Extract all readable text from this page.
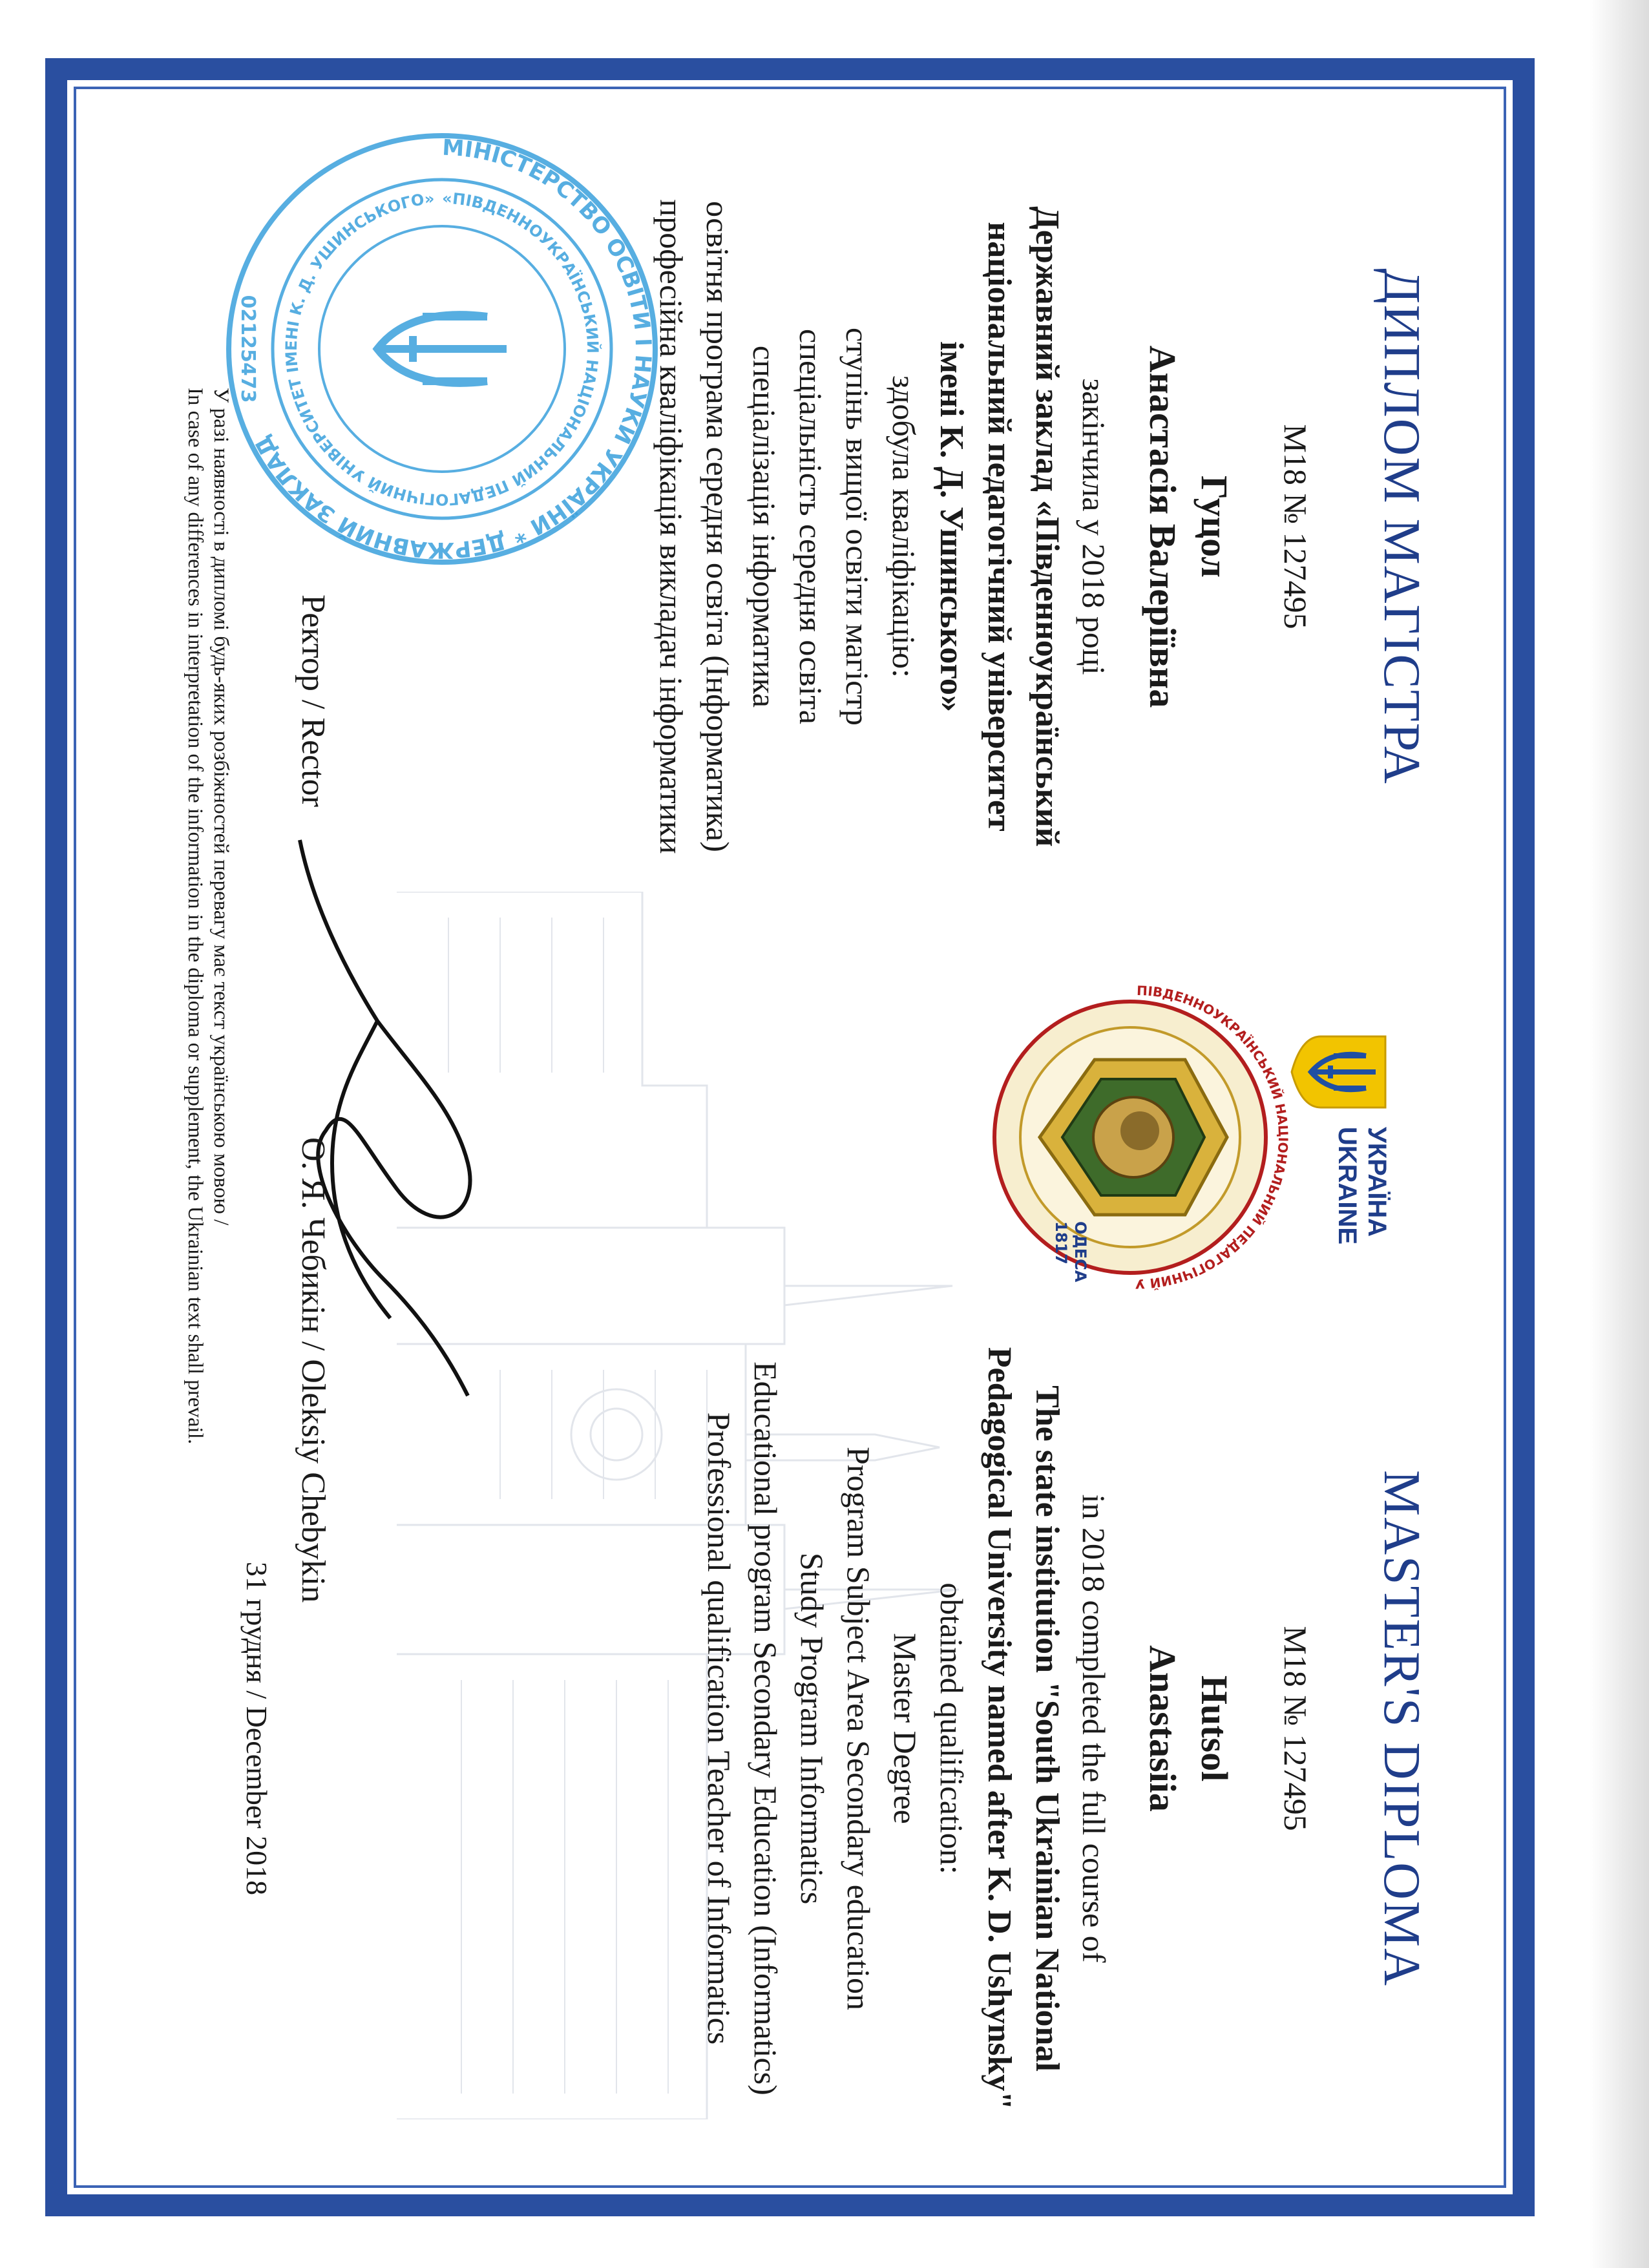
ДИПЛОМ МАГІСТРА
M18 № 127495
Гуцол
Анастасія Валеріївна
закінчила у 2018 році
Державний заклад «Південноукраїнський
національний педагогічний університет
імені К. Д. Ушинського»
здобула кваліфікацію:
ступінь вищої освіти магістр
спеціальність середня освіта
спеціалізація інформатика
освітня програма середня освіта (Інформатика)
професійна кваліфікація викладач інформатики
УКРАЇНА
UKRAINE
ПІВДЕННОУКРАЇНСЬКИЙ Н АЛЬНИЙ ПЕДАГОГІЧНИЙ У
ОДЕСА
1817
MASTER'S DIPLOMA
M18 № 127495
Hutsol
Anastasiia
in 2018 completed the full course of
The state institution "South Ukrainian National
Pedagogical University named after K. D. Ushynsky"
obtained qualification:
Master Degree
Program Subject Area Secondary education
Study Program Informatics
Educational program Secondary Education (Informatics)
Professional qualification Teacher of Informatics
МІНІСТЕРСТВО ОСВІТИ І НАУКИ УКРАЇНИ * ДЕРЖАВНИЙ ЗАКЛАД
«ПІВДЕННОУКРАЇНСЬКИЙ НАЦІОНАЛЬНИЙ ПЕДАГОГІЧНИЙ УНІВЕРСИТЕТ ІМЕНІ К. Д. УШИНСЬКОГО»
02125473
Ректор / Rector
О. Я. Чебикін / Oleksiy Chebykin
31 грудня / December 2018
У разі наявності в дипломі будь-яких розбіжностей перевагу має текст українською мовою /
In case of any differences in interpretation of the information in the diploma or supplement, the Ukrainian text shall prevail.
